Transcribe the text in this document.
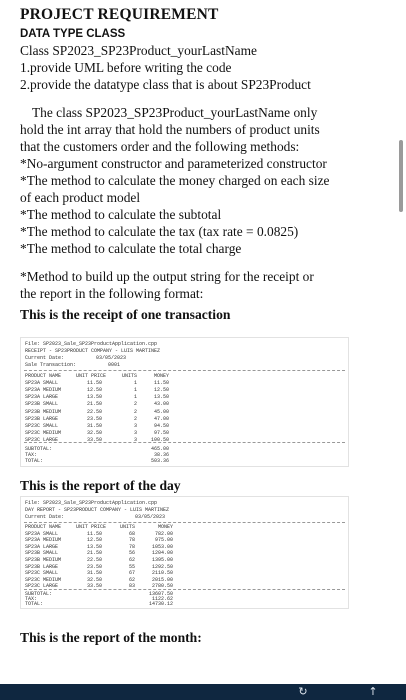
PROJECT REQUIREMENT
DATA TYPE CLASS
Class SP2023_SP23Product_yourLastName
1.provide UML before writing the code
2.provide the datatype class that is about SP23Product
The class SP2023_SP23Product_yourLastName only
hold the int array that hold the numbers of product units
that the customers order and the following methods:
*No-argument constructor and parameterized constructor
*The method to calculate the money charged on each size
of each product model
*The method to calculate the subtotal
*The method to calculate the tax (tax rate = 0.0825)
*The method to calculate the total charge
*Method to build up the output string for the receipt or
the report in the following format:
This is the receipt of one transaction
File: SP2023_Sale_SP23ProductApplication.cpp
RECEIPT - SP23PRODUCT COMPANY - LUIS MARTINEZ
Current Date:	03/05/2023
Sale Transaction:	0001
PRODUCT NAME	UNIT PRICE	UNITS	MONEY
SP23A SMALL	11.50	1	11.50
SP23A MEDIUM	12.50	1	12.50
SP23A LARGE	13.50	1	13.50
SP23B SMALL	21.50	2	43.00
SP23B MEDIUM	22.50	2	45.00
SP23B LARGE	23.50	2	47.00
SP23C SMALL	31.50	3	94.50
SP23C MEDIUM	32.50	3	97.50
SP23C LARGE	33.50	3	100.50
SUBTOTAL:	465.00
TAX:	38.36
TOTAL:	503.36
This is the report of the day
File: SP2023_Sale_SP23ProductApplication.cpp
DAY REPORT - SP23PRODUCT COMPANY - LUIS MARTINEZ
Current Date:	03/05/2023
PRODUCT NAME	UNIT PRICE	UNITS	MONEY
SP23A SMALL	11.50	68	782.00
SP23A MEDIUM	12.50	78	975.00
SP23A LARGE	13.50	78	1053.00
SP23B SMALL	21.50	56	1204.00
SP23B MEDIUM	22.50	62	1395.00
SP23B LARGE	23.50	55	1292.50
SP23C SMALL	31.50	67	2110.50
SP23C MEDIUM	32.50	62	2015.00
SP23C LARGE	33.50	83	2780.50
SUBTOTAL:	13607.50
TAX:	1122.62
TOTAL:	14730.12
This is the report of the month:
↻	↑
